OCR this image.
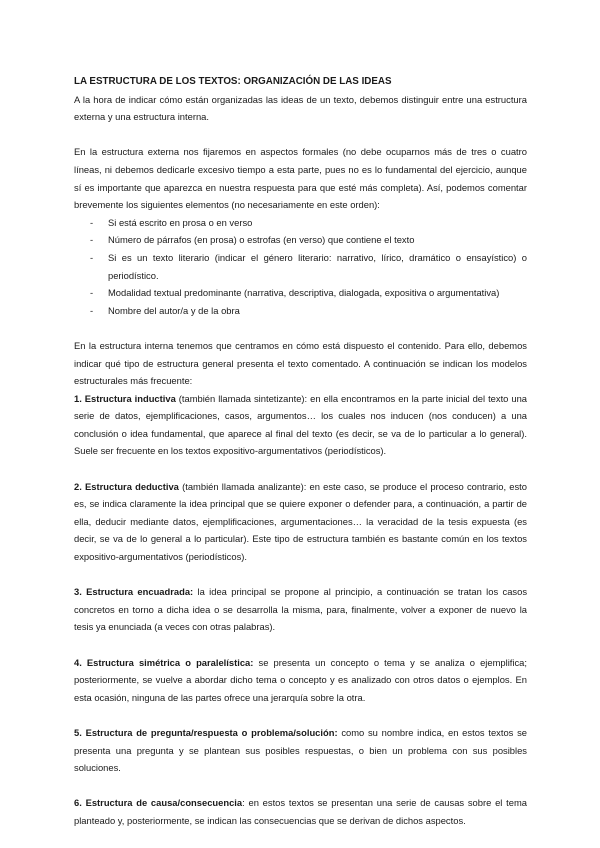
LA ESTRUCTURA DE LOS TEXTOS: ORGANIZACIÓN DE LAS IDEAS

A la hora de indicar cómo están organizadas las ideas de un texto, debemos distinguir entre una estructura externa y una estructura interna.

En la estructura externa nos fijaremos en aspectos formales (no debe ocuparnos más de tres o cuatro líneas, ni debemos dedicarle excesivo tiempo a esta parte, pues no es lo fundamental del ejercicio, aunque sí es importante que aparezca en nuestra respuesta para que esté más completa). Así, podemos comentar brevemente los siguientes elementos (no necesariamente en este orden):

- Si está escrito en prosa o en verso
- Número de párrafos (en prosa) o estrofas (en verso) que contiene el texto
- Si es un texto literario (indicar el género literario: narrativo, lírico, dramático o ensayístico) o periodístico.
- Modalidad textual predominante (narrativa, descriptiva, dialogada, expositiva o argumentativa)
- Nombre del autor/a y de la obra

En la estructura interna tenemos que centramos en cómo está dispuesto el contenido. Para ello, debemos indicar qué tipo de estructura general presenta el texto comentado. A continuación se indican los modelos estructurales más frecuente:

1. Estructura inductiva (también llamada sintetizante): en ella encontramos en la parte inicial del texto una serie de datos, ejemplificaciones, casos, argumentos… los cuales nos inducen (nos conducen) a una conclusión o idea fundamental, que aparece al final del texto (es decir, se va de lo particular a lo general). Suele ser frecuente en los textos expositivo-argumentativos (periodísticos).

2. Estructura deductiva (también llamada analizante): en este caso, se produce el proceso contrario, esto es, se indica claramente la idea principal que se quiere exponer o defender para, a continuación, a partir de ella, deducir mediante datos, ejemplificaciones, argumentaciones… la veracidad de la tesis expuesta (es decir, se va de lo general a lo particular). Este tipo de estructura también es bastante común en los textos expositivo-argumentativos (periodísticos).

3. Estructura encuadrada: la idea principal se propone al principio, a continuación se tratan los casos concretos en torno a dicha idea o se desarrolla la misma, para, finalmente, volver a exponer de nuevo la tesis ya enunciada (a veces con otras palabras).

4. Estructura simétrica o paralelística: se presenta un concepto o tema y se analiza o ejemplifica; posteriormente, se vuelve a abordar dicho tema o concepto y es analizado con otros datos o ejemplos. En esta ocasión, ninguna de las partes ofrece una jerarquía sobre la otra.

5. Estructura de pregunta/respuesta o problema/solución: como su nombre indica, en estos textos se presenta una pregunta y se plantean sus posibles respuestas, o bien un problema con sus posibles soluciones.

6. Estructura de causa/consecuencia: en estos textos se presentan una serie de causas sobre el tema planteado y, posteriormente, se indican las consecuencias que se derivan de dichos aspectos.
